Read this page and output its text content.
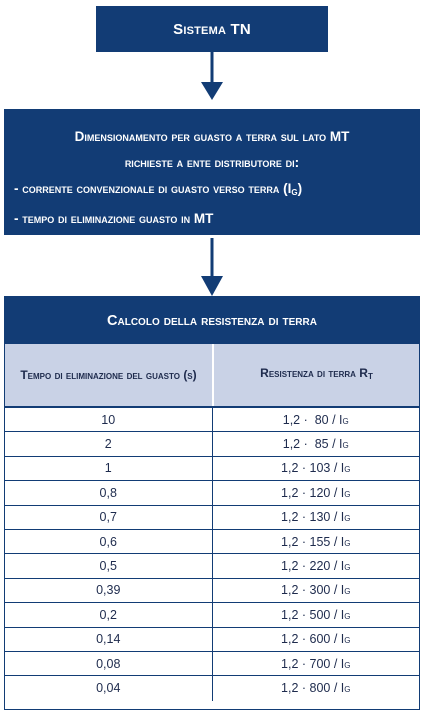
Sistema TN
Dimensionamento per guasto a terra sul lato MT
richieste a ente distributore di:
- corrente convenzionale di guasto verso terra $(I_G)$
- tempo di eliminazione guasto in MT
Calcolo della resistenza di terra
Tempo di eliminazione del guasto (s)	Resistenza di terra $R_T$
10	1,2 ·  80 / I G
2	1,2 ·  85 / I G
1	1,2 · 103 / I G
0,8	1,2 · 120 / I G
0,7	1,2 · 130 / I G
0,6	1,2 · 155 / I G
0,5	1,2 · 220 / I G
0,39	1,2 · 300 / I G
0,2	1,2 · 500 / I G
0,14	1,2 · 600 / I G
0,08	1,2 · 700 / I G
0,04	1,2 · 800 / I G
